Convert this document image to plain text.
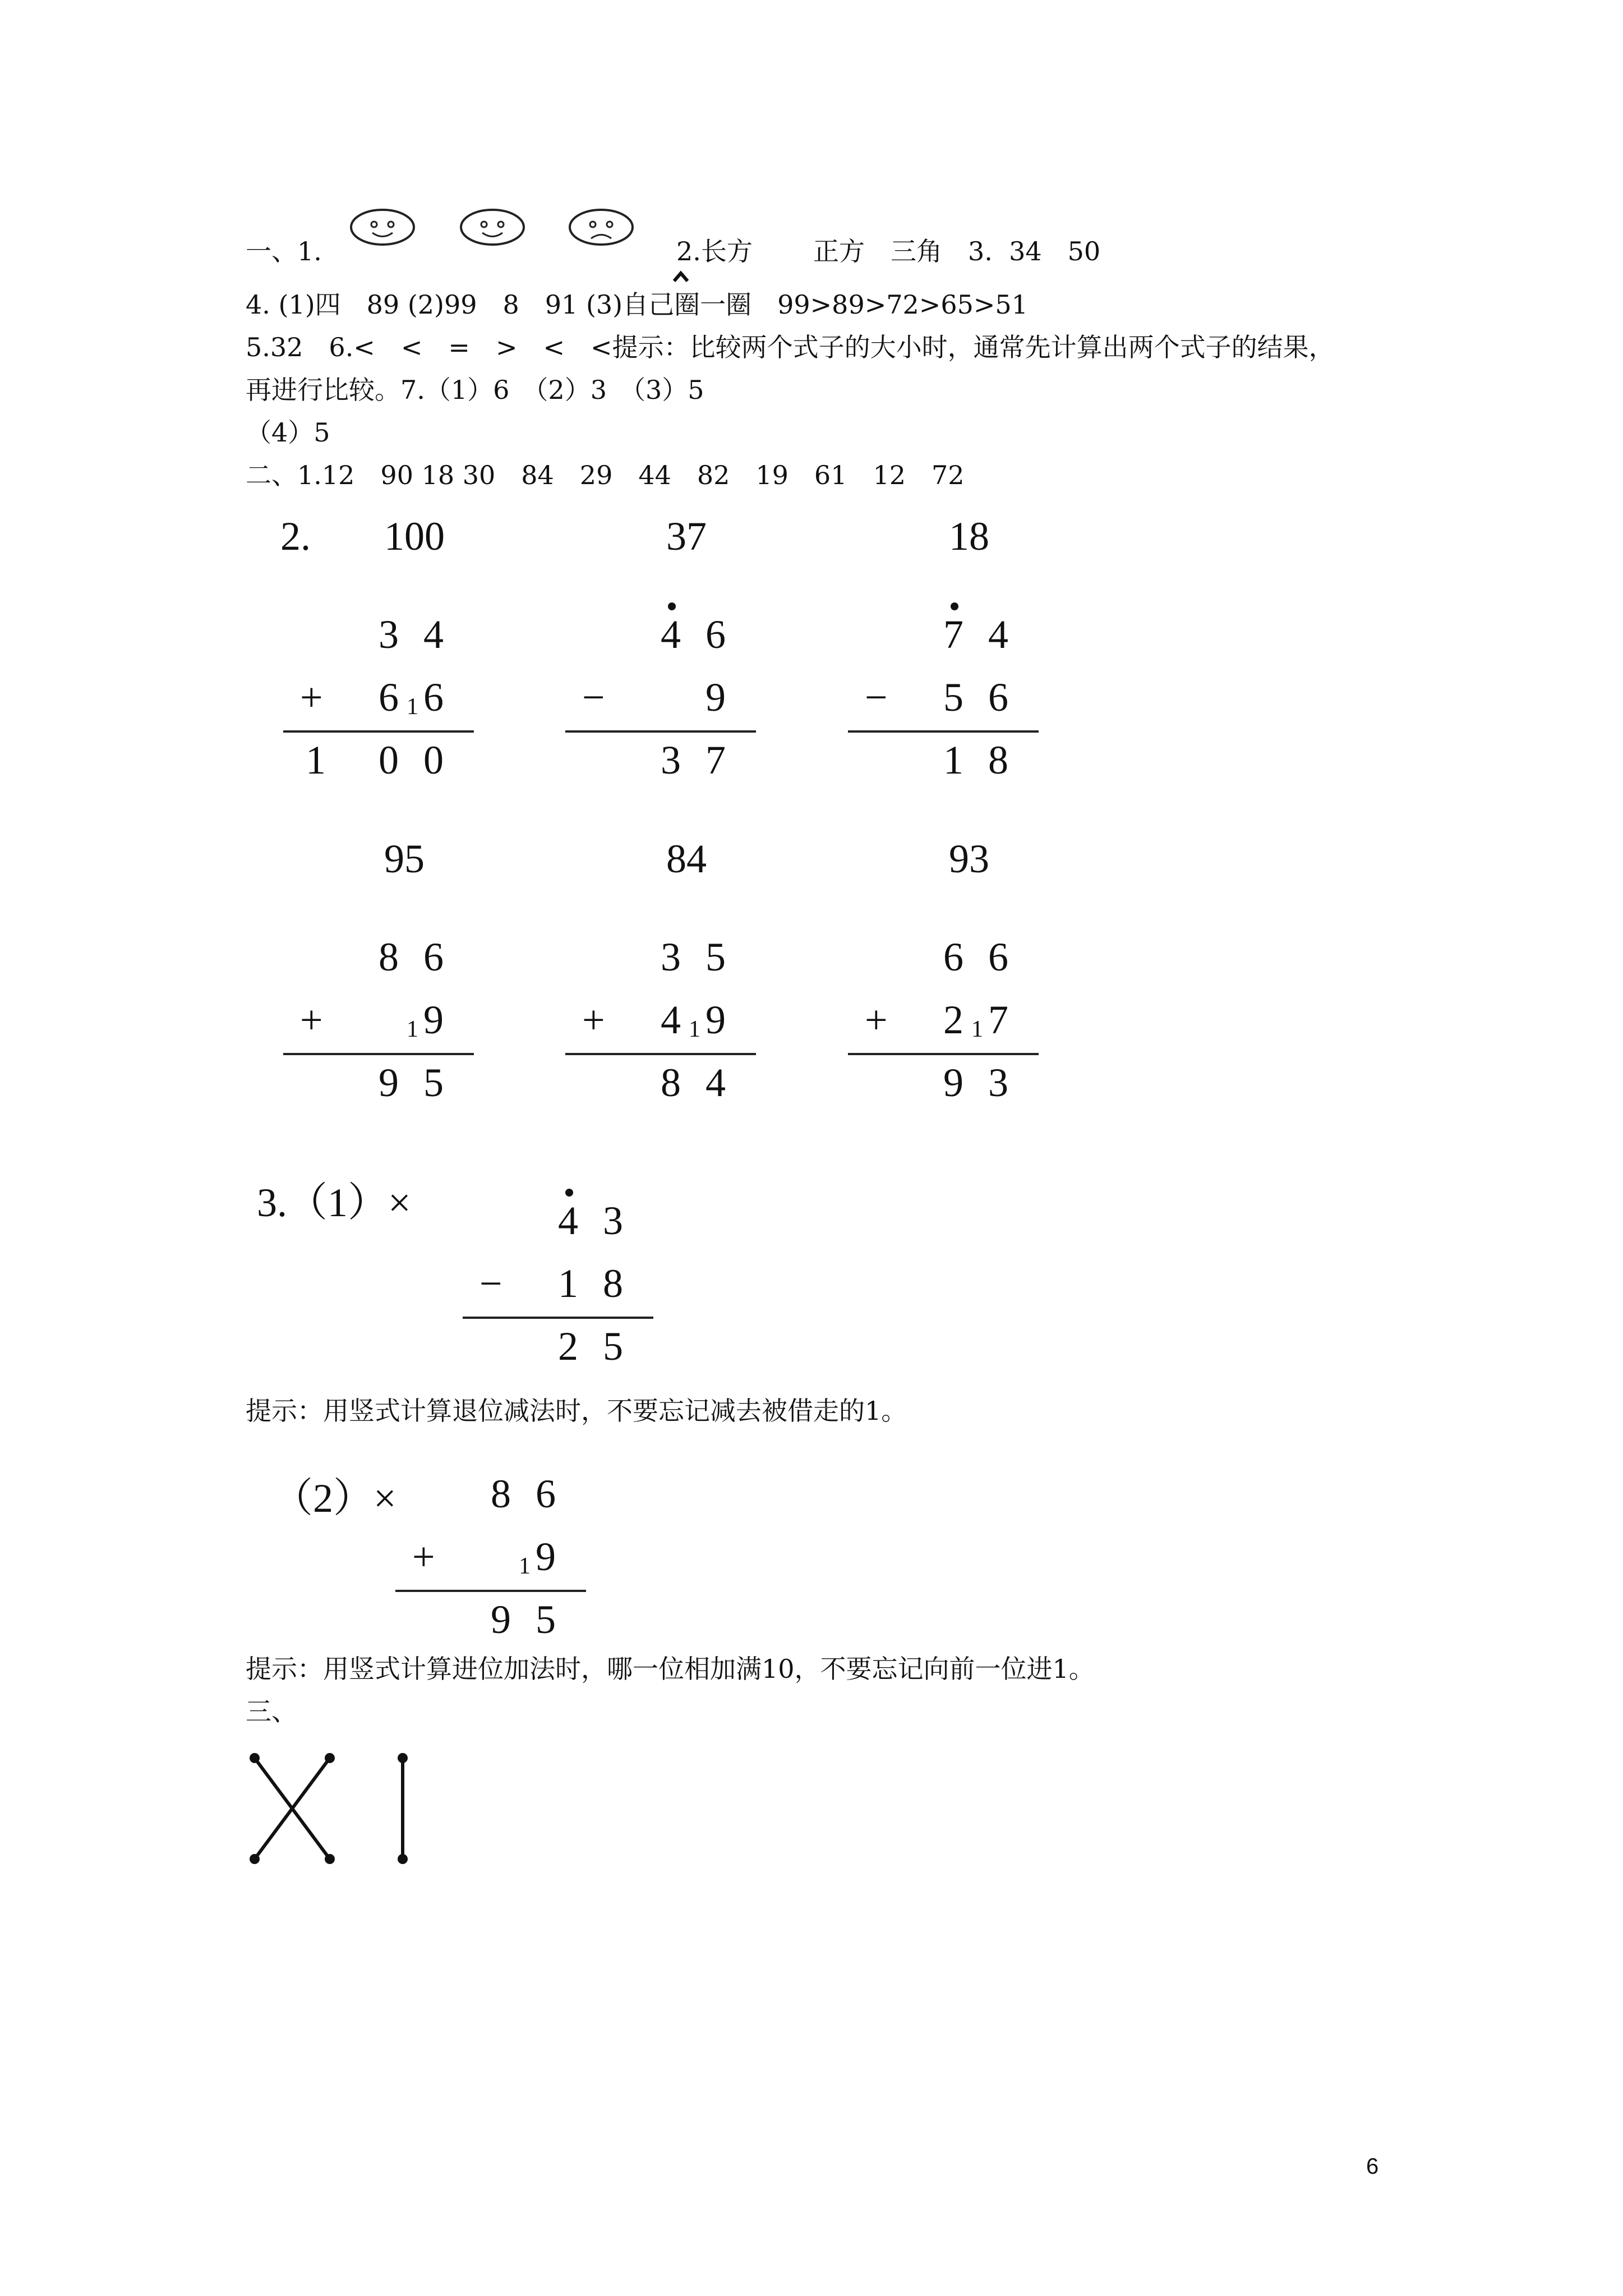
一、1.

	2.长方 正方　三角　3.  34　50
4. (1)四　89 (2)99　8　91 (3)自己圈一圈　99>89>72>65>51
5.32　6.<　<　=　>　<　<提示：比较两个式子的大小时，通常先计算出两个式子的结果，
再进行比较。7.（1）6　（2）3　（3）5
（4）5
二、1.12　90 18 30　84　29　44　82　19　61　12　72
2. 100
3 4
+ 6 6
1
1 0 0
37
4 6
− 9
3 7
18
7 4
− 5 6
1 8
95
8 6
+ 9
1
9 5
84
3 5
+ 4 9
1
8 4
93
6 6
+ 2 7
1
9 3
3.（1）×	4 3
− 1 8
2 5
提示：用竖式计算退位减法时，不要忘记减去被借走的1。
（2）× 8 6
+ 9
1
9 5
提示：用竖式计算进位加法时，哪一位相加满10，不要忘记向前一位进1。
三、
6
